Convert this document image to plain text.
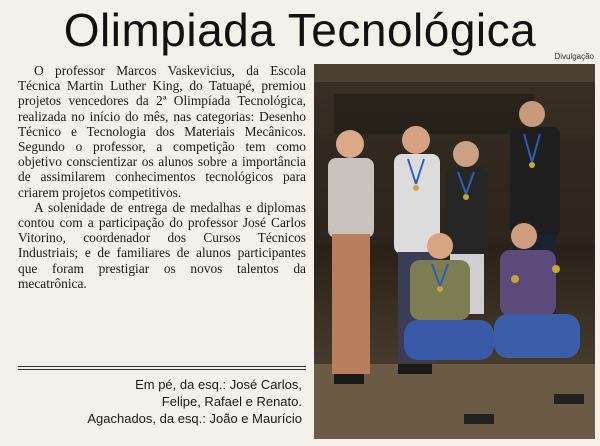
Olimpiada Tecnológica

O professor Marcos Vaskevicius, da Escola Técnica Martin Luther King, do Tatuapé, premiou projetos vencedores da 2ª Olimpíada Tecnológica, realizada no início do mês, nas categorias: Desenho Técnico e Tecnologia dos Materiais Mecânicos. Segundo o professor, a competição tem como objetivo conscientizar os alunos sobre a importância de assimilarem conhecimentos tecnológicos para criarem projetos competitivos.

A solenidade de entrega de medalhas e diplomas contou com a participação do professor José Carlos Vitorino, coordenador dos Cursos Técnicos Industriais; e de familiares de alunos participantes que foram prestigiar os novos talentos da mecatrônica.

Em pé, da esq.: José Carlos,
Felipe, Rafael e Renato.
Agachados, da esq.: João e Maurício
Divulgação
